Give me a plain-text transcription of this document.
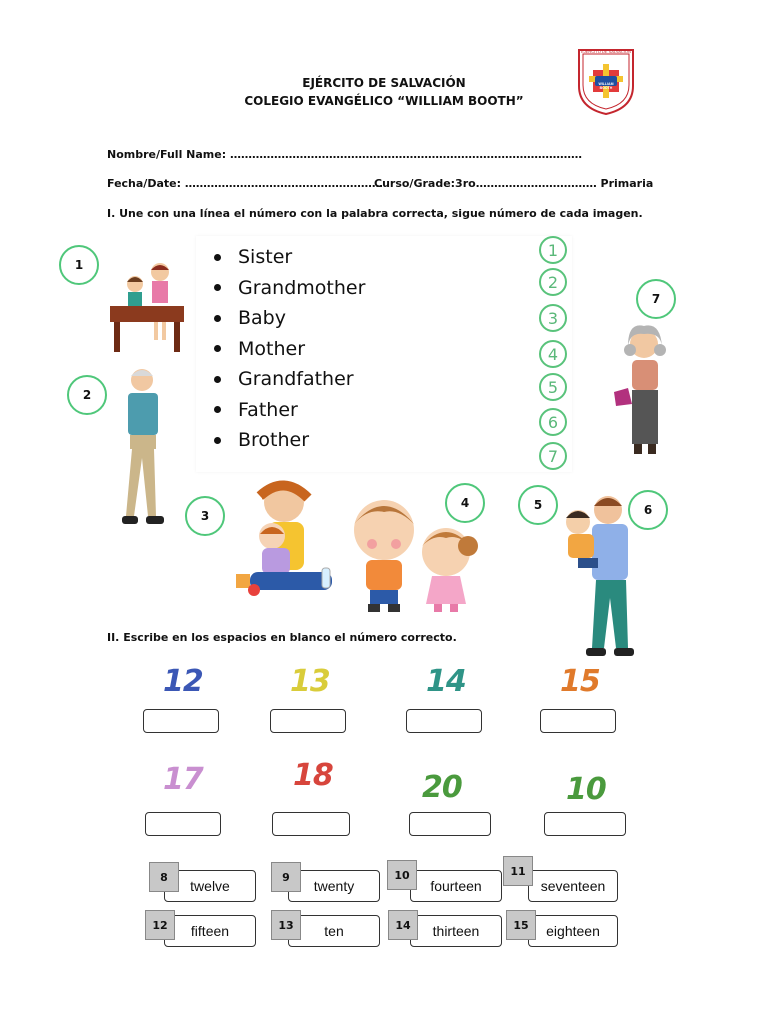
EJÉRCITO DE SALVACIÓN
COLEGIO EVANGÉLICO “WILLIAM BOOTH”
EJÉRCITO DE SALVACIÓN
WILLIAM BOOTH
Nombre/Full Name: ……………………………………………………………………………………
Fecha/Date: ………………………………………………
Curso/Grade:3ro…………………………… Primaria
I. Une con una línea el número con la palabra correcta, sigue número de cada imagen.
Sister
Grandmother
Baby
Mother
Grandfather
Father
Brother
1
2
3
4
5
6
7
1
2
3
4	5	6
7
II. Escribe en los espacios en blanco el número correcto.
12	13	14	15
17	18	20	10
twelve	twenty	fourteen	seventeen
8	9	10	11
fifteen	ten	thirteen	eighteen
12	13	14	15
